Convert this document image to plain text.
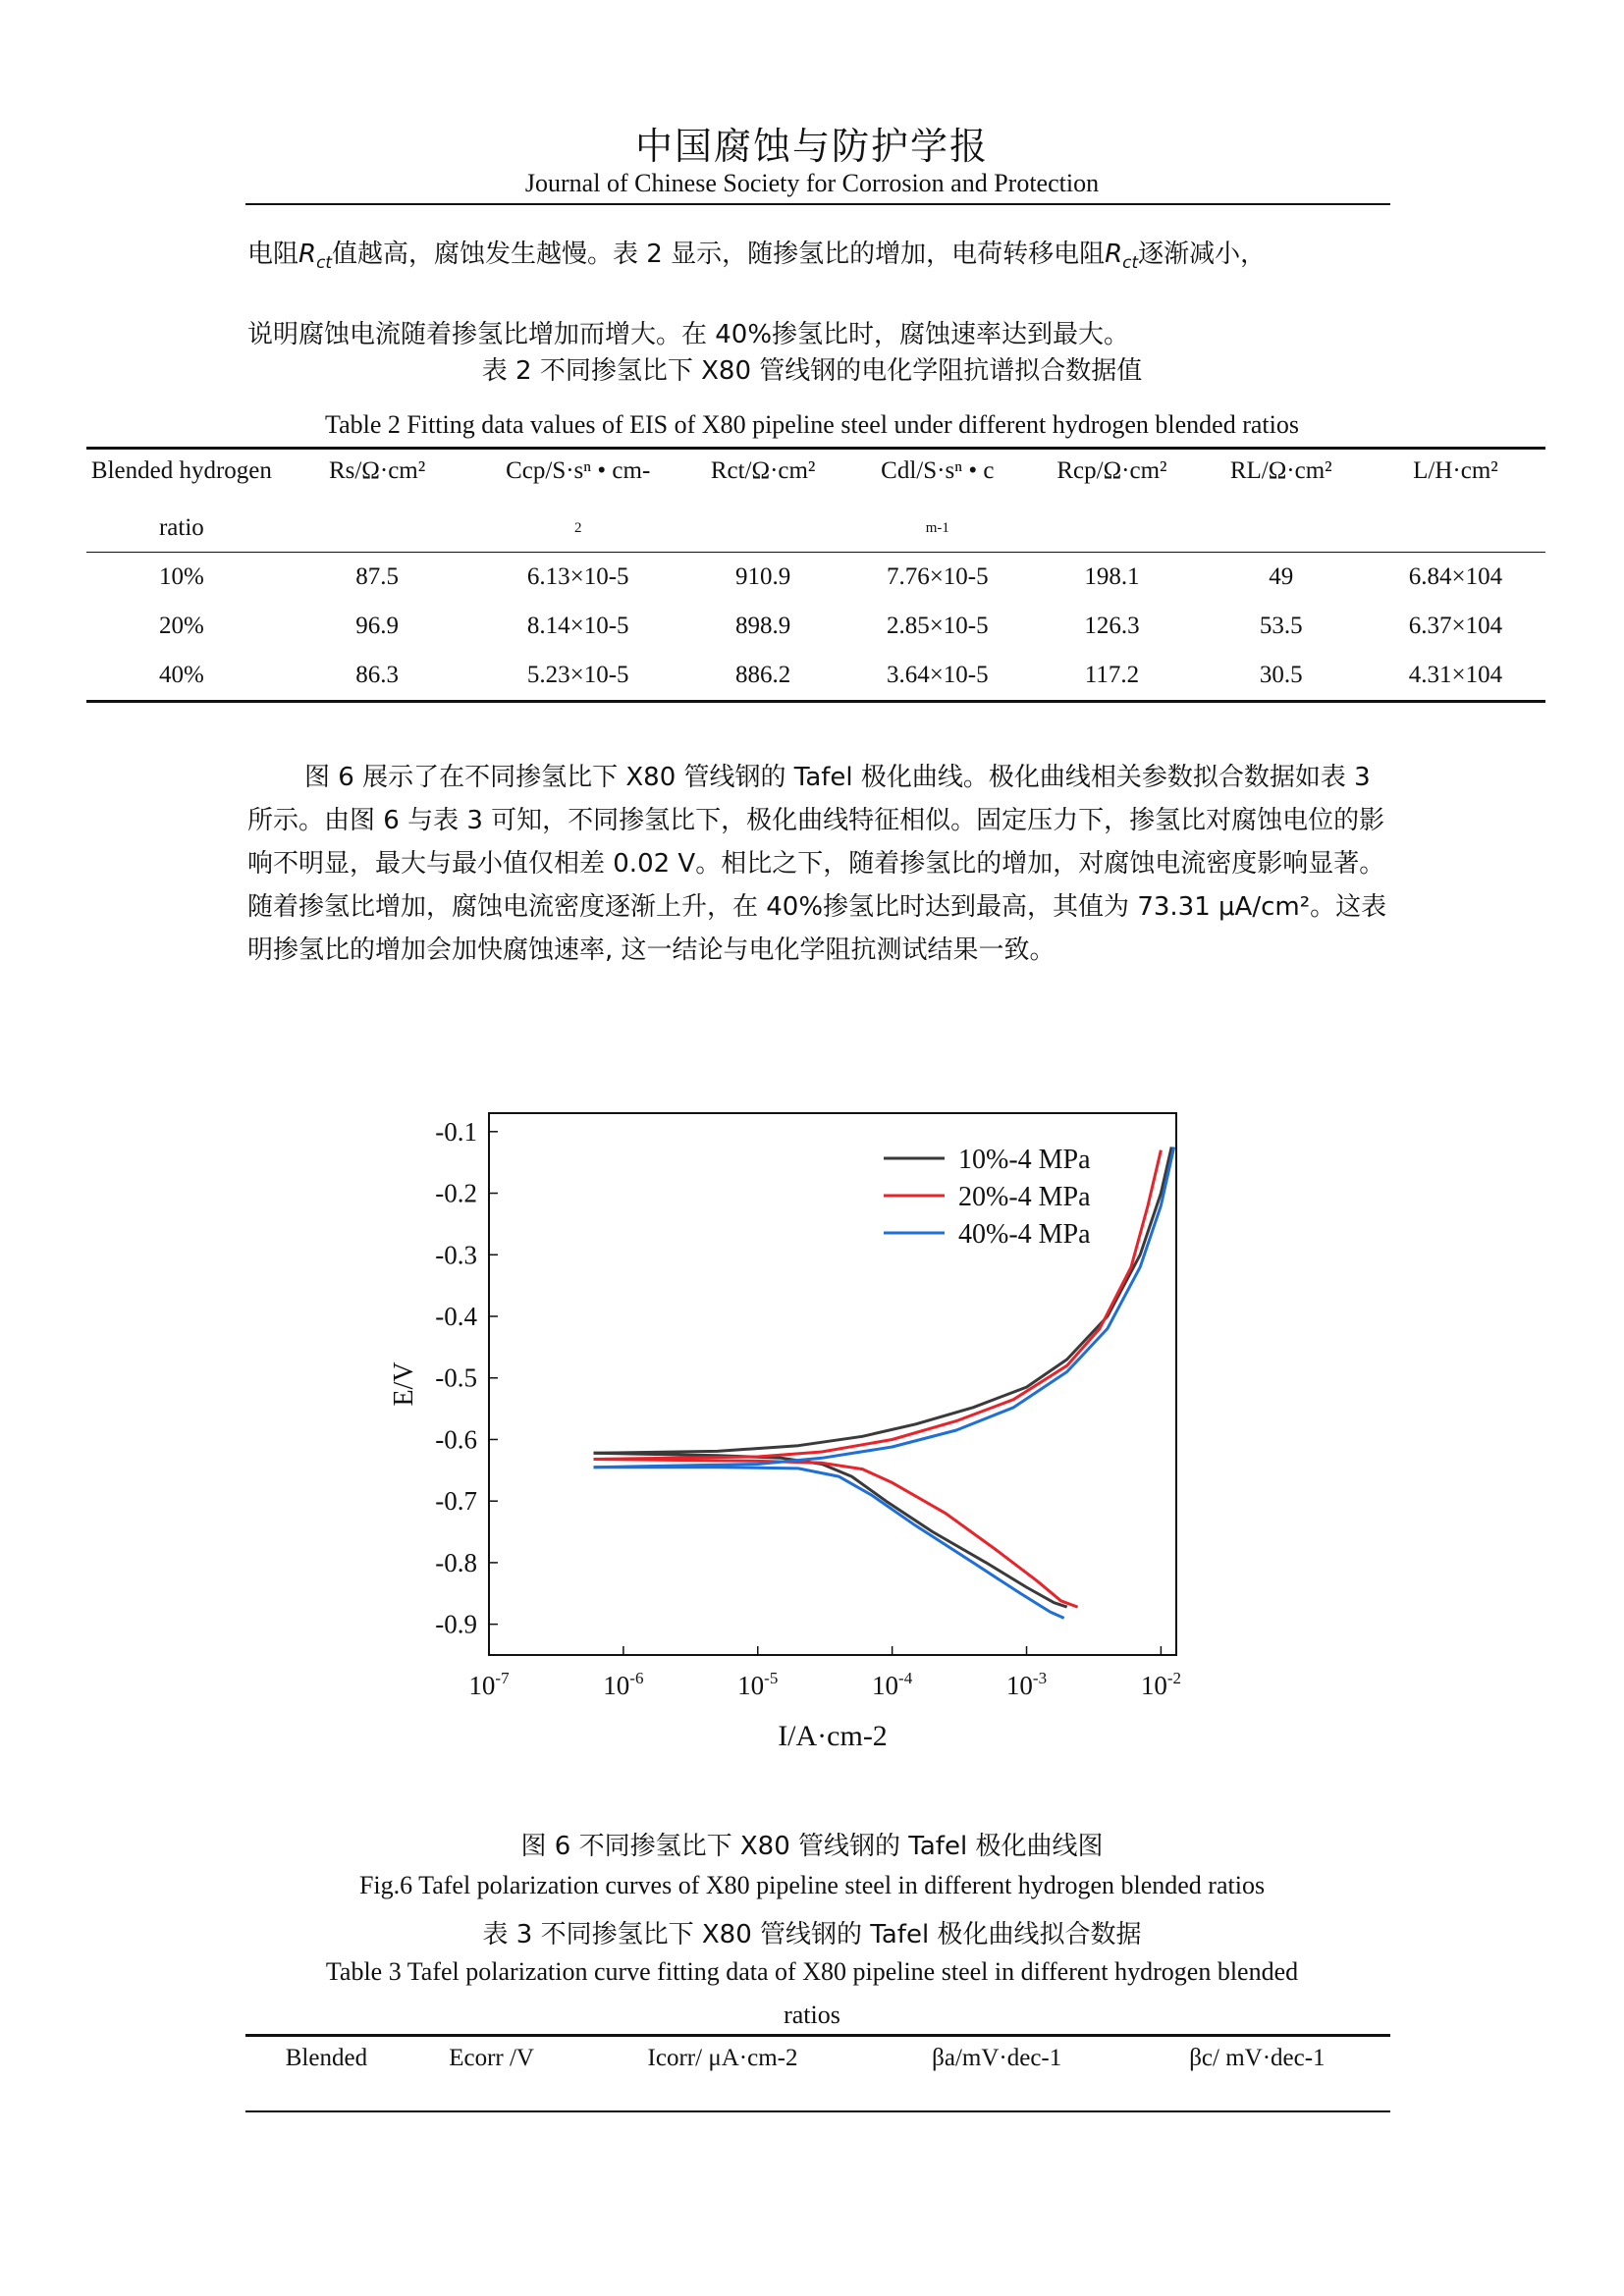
中国腐蚀与防护学报
Journal of Chinese Society for Corrosion and Protection

电阻$R_{ct}$值越高，腐蚀发生越慢。表 2 显示，随掺氢比的增加，电荷转移电阻$R_{ct}$逐渐减小，

说明腐蚀电流随着掺氢比增加而增大。在 40%掺氢比时，腐蚀速率达到最大。

表 2 不同掺氢比下 X80 管线钢的电化学阻抗谱拟合数据值
Table 2 Fitting data values of EIS of X80 pipeline steel under different hydrogen blended ratios
Blended hydrogen	Rs/Ω·cm²	Ccp/S·sⁿ • cm-	Rct/Ω·cm²	Cdl/S·sⁿ • c	Rcp/Ω·cm²	RL/Ω·cm²	L/H·cm²
ratio		2		m-1			
10%	87.5	6.13×10-5	910.9	7.76×10-5	198.1	49	6.84×104
20%	96.9	8.14×10-5	898.9	2.85×10-5	126.3	53.5	6.37×104
40%	86.3	5.23×10-5	886.2	3.64×10-5	117.2	30.5	4.31×104

图 6 展示了在不同掺氢比下 X80 管线钢的 Tafel 极化曲线。极化曲线相关参数拟合数据如表 3 所示。由图 6 与表 3 可知，不同掺氢比下，极化曲线特征相似。固定压力下，掺氢比对腐蚀电位的影响不明显，最大与最小值仅相差 0.02 V。相比之下，随着掺氢比的增加，对腐蚀电流密度影响显著。随着掺氢比增加，腐蚀电流密度逐渐上升，在 40%掺氢比时达到最高，其值为 73.31 μA/cm²。这表明掺氢比的增加会加快腐蚀速率, 这一结论与电化学阻抗测试结果一致。

-0.1
-0.2
-0.3
-0.4
-0.5
-0.6
-0.7
-0.8
-0.9
$10^{-7}$	$10^{-6}$	$10^{-5}$	$10^{-4}$	$10^{-3}$	$10^{-2}$
E/V
I/A·cm-2
10%-4 MPa
20%-4 MPa
40%-4 MPa
图 6 不同掺氢比下 X80 管线钢的 Tafel 极化曲线图
Fig.6 Tafel polarization curves of X80 pipeline steel in different hydrogen blended ratios
表 3 不同掺氢比下 X80 管线钢的 Tafel 极化曲线拟合数据
Table 3 Tafel polarization curve fitting data of X80 pipeline steel in different hydrogen blended
ratios
Blended	Ecorr /V	Icorr/ μA·cm-2	βa/mV·dec-1	βc/ mV·dec-1
